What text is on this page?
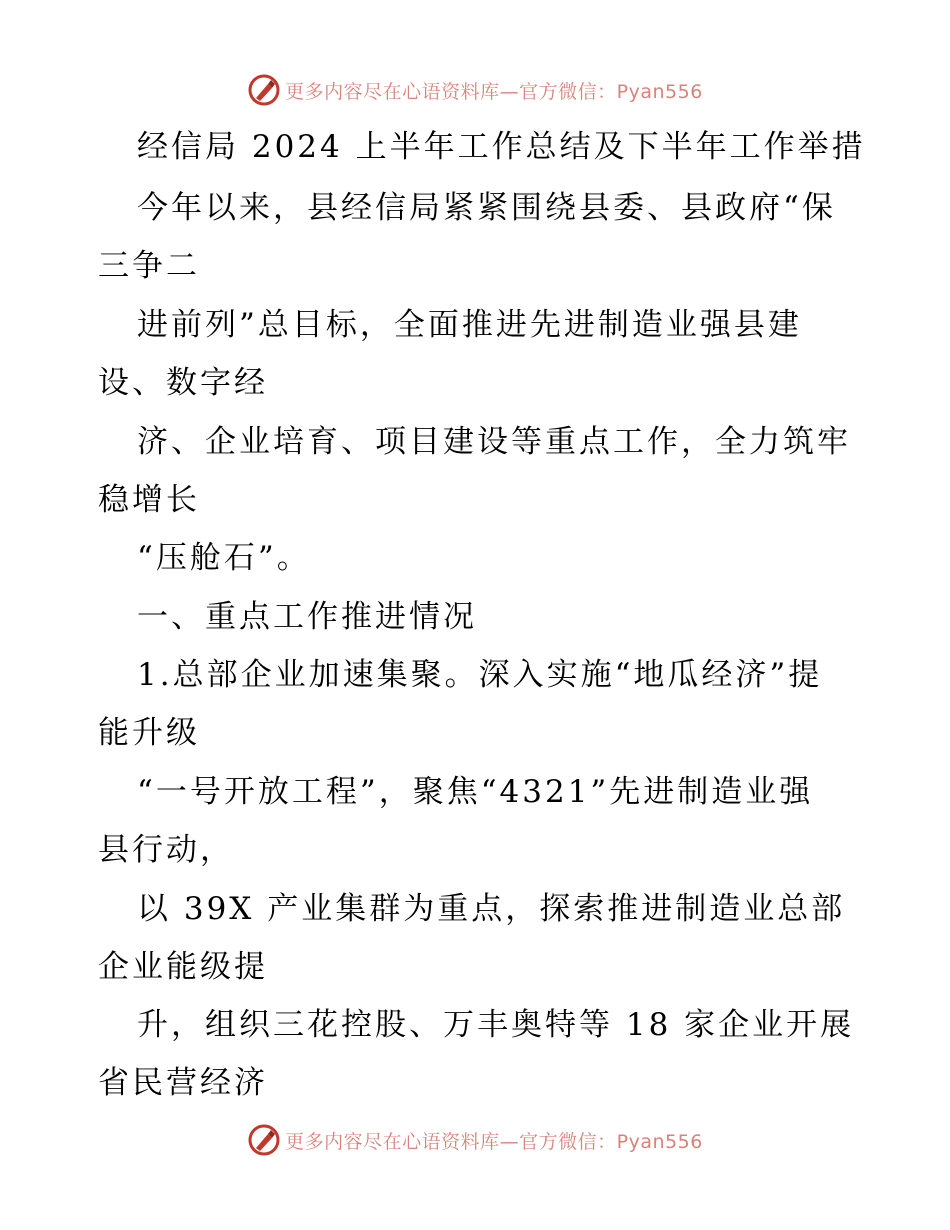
更多内容尽在心语资料库—官方微信：Pyan556
经信局 2024 上半年工作总结及下半年工作举措
今年以来，县经信局紧紧围绕县委、县政府“保
三争二
进前列”总目标，全面推进先进制造业强县建
设、数字经
济、企业培育、项目建设等重点工作，全力筑牢
稳增长
“压舱石”。
一、重点工作推进情况
1.总部企业加速集聚。深入实施“地瓜经济”提
能升级
“一号开放工程”，聚焦“4321”先进制造业强
县行动，
以 39X 产业集群为重点，探索推进制造业总部
企业能级提
升，组织三花控股、万丰奥特等 18 家企业开展
省民营经济
更多内容尽在心语资料库—官方微信：Pyan556
